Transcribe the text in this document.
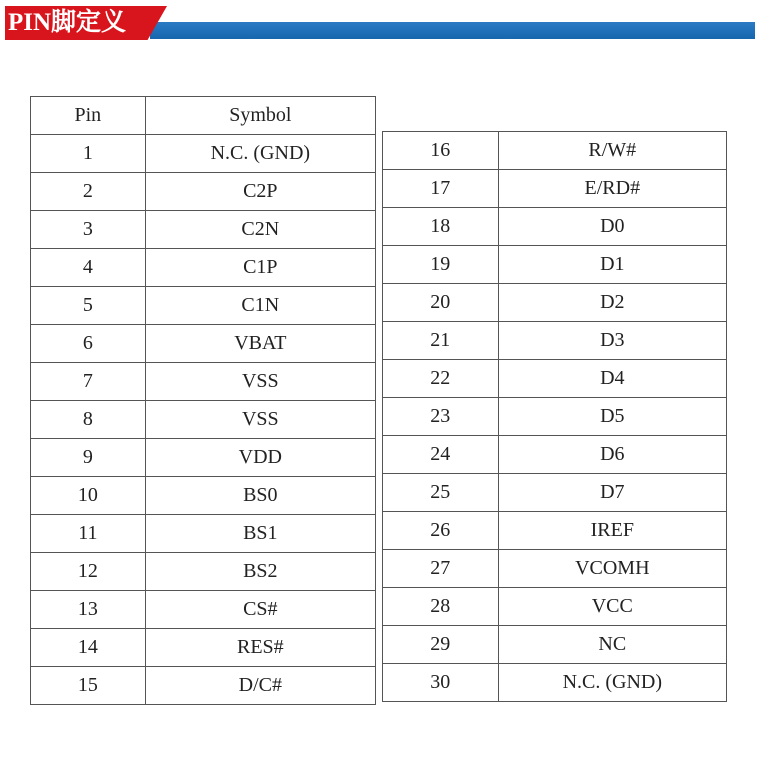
PIN脚定义
Pin	Symbol
1	N.C. (GND)
2	C2P
3	C2N
4	C1P
5	C1N
6	VBAT
7	VSS
8	VSS
9	VDD
10	BS0
11	BS1
12	BS2
13	CS#
14	RES#
15	D/C#
16	R/W#
17	E/RD#
18	D0
19	D1
20	D2
21	D3
22	D4
23	D5
24	D6
25	D7
26	IREF
27	VCOMH
28	VCC
29	NC
30	N.C. (GND)
